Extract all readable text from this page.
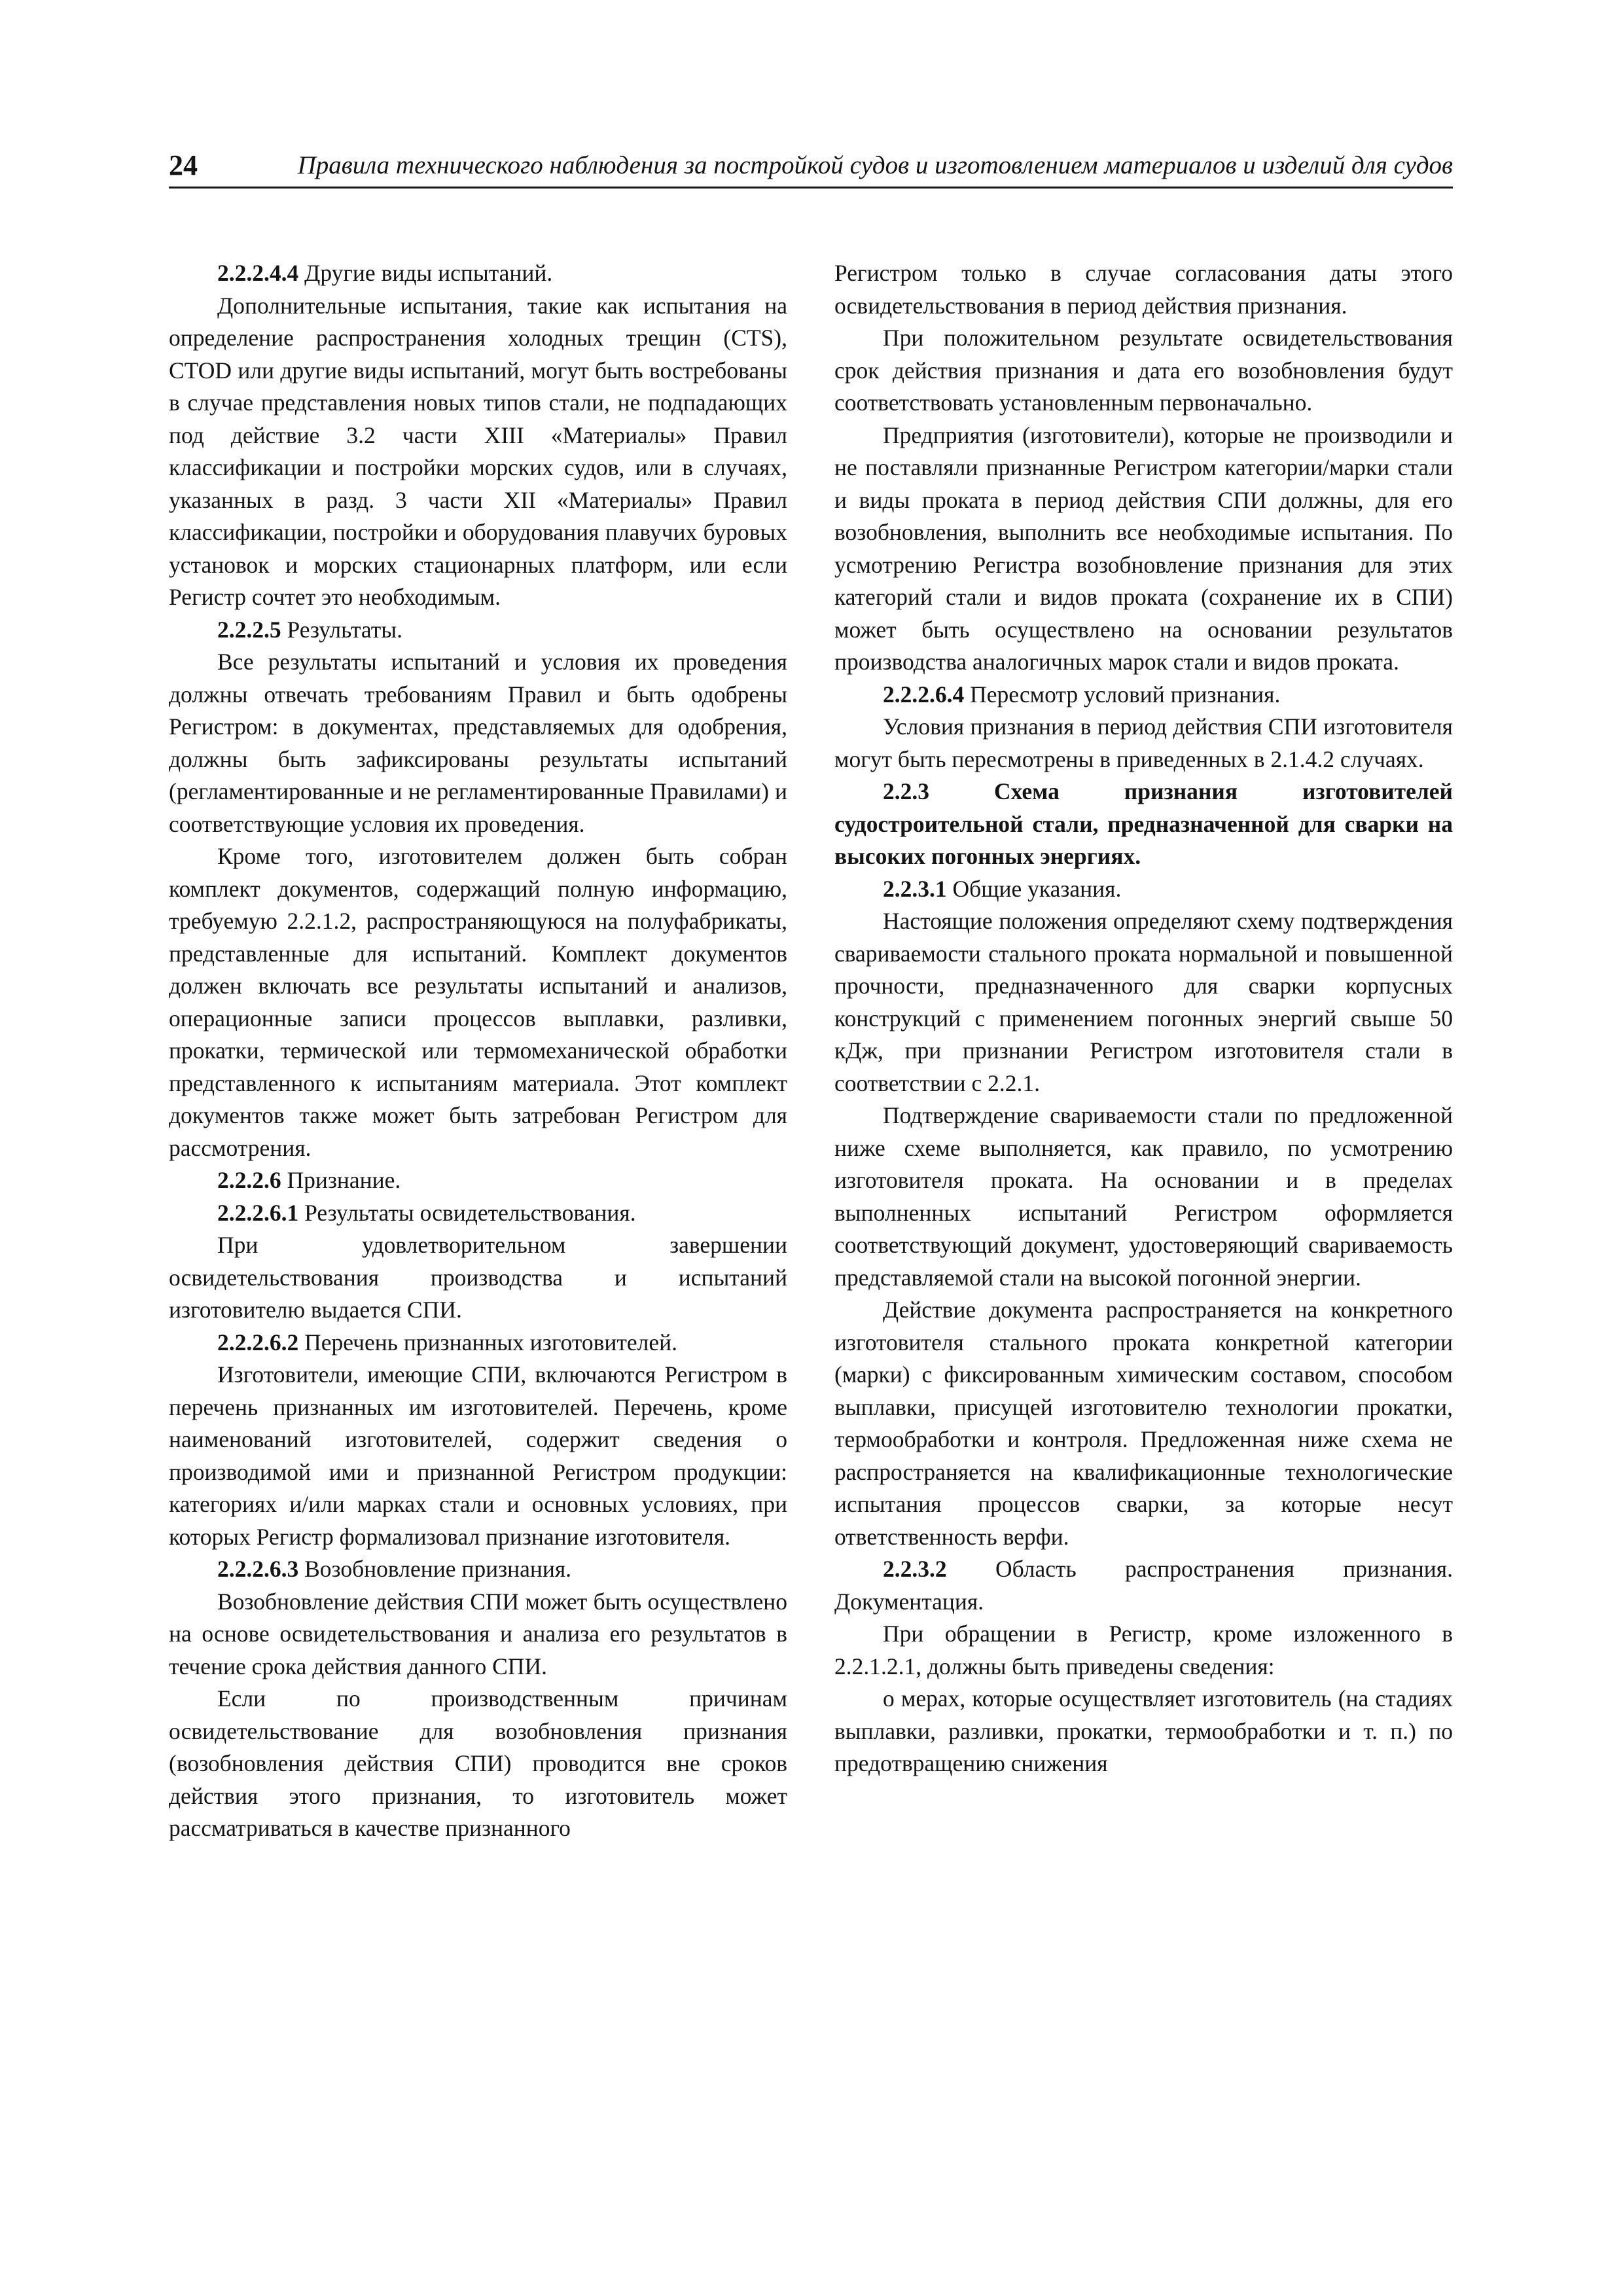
24	Правила технического наблюдения за постройкой судов и изготовлением материалов и изделий для судов

2.2.2.4.4 Другие виды испытаний.

Дополнительные испытания, такие как испытания на определение распространения холодных трещин (CTS), CTOD или другие виды испытаний, могут быть востребованы в случае представления новых типов стали, не подпадающих под действие 3.2 части XIII «Материалы» Правил классификации и постройки морских судов, или в случаях, указанных в разд. 3 части XII «Материалы» Правил классификации, постройки и оборудования плавучих буровых установок и морских стационарных платформ, или если Регистр сочтет это необходимым.

2.2.2.5 Результаты.

Все результаты испытаний и условия их проведения должны отвечать требованиям Правил и быть одобрены Регистром: в документах, представляемых для одобрения, должны быть зафиксированы результаты испытаний (регламентированные и не регламентированные Правилами) и соответствующие условия их проведения.

Кроме того, изготовителем должен быть собран комплект документов, содержащий полную информацию, требуемую 2.2.1.2, распространяющуюся на полуфабрикаты, представленные для испытаний. Комплект документов должен включать все результаты испытаний и анализов, операционные записи процессов выплавки, разливки, прокатки, термической или термомеханической обработки представленного к испытаниям материала. Этот комплект документов также может быть затребован Регистром для рассмотрения.

2.2.2.6 Признание.

2.2.2.6.1 Результаты освидетельствования.

При удовлетворительном завершении освидетельствования производства и испытаний изготовителю выдается СПИ.

2.2.2.6.2 Перечень признанных изготовителей.

Изготовители, имеющие СПИ, включаются Регистром в перечень признанных им изготовителей. Перечень, кроме наименований изготовителей, содержит сведения о производимой ими и признанной Регистром продукции: категориях и/или марках стали и основных условиях, при которых Регистр формализовал признание изготовителя.

2.2.2.6.3 Возобновление признания.

Возобновление действия СПИ может быть осуществлено на основе освидетельствования и анализа его результатов в течение срока действия данного СПИ.

Если по производственным причинам освидетельствование для возобновления признания (возобновления действия СПИ) проводится вне сроков действия этого признания, то изготовитель может рассматриваться в качестве признанного

Регистром только в случае согласования даты этого освидетельствования в период действия признания.

При положительном результате освидетельствования срок действия признания и дата его возобновления будут соответствовать установленным первоначально.

Предприятия (изготовители), которые не производили и не поставляли признанные Регистром категории/марки стали и виды проката в период действия СПИ должны, для его возобновления, выполнить все необходимые испытания. По усмотрению Регистра возобновление признания для этих категорий стали и видов проката (сохранение их в СПИ) может быть осуществлено на основании результатов производства аналогичных марок стали и видов проката.

2.2.2.6.4 Пересмотр условий признания.

Условия признания в период действия СПИ изготовителя могут быть пересмотрены в приведенных в 2.1.4.2 случаях.

2.2.3 Схема признания изготовителей судостроительной стали, предназначенной для сварки на высоких погонных энергиях.

2.2.3.1 Общие указания.

Настоящие положения определяют схему подтверждения свариваемости стального проката нормальной и повышенной прочности, предназначенного для сварки корпусных конструкций с применением погонных энергий свыше 50 кДж, при признании Регистром изготовителя стали в соответствии с 2.2.1.

Подтверждение свариваемости стали по предложенной ниже схеме выполняется, как правило, по усмотрению изготовителя проката. На основании и в пределах выполненных испытаний Регистром оформляется соответствующий документ, удостоверяющий свариваемость представляемой стали на высокой погонной энергии.

Действие документа распространяется на конкретного изготовителя стального проката конкретной категории (марки) с фиксированным химическим составом, способом выплавки, присущей изготовителю технологии прокатки, термообработки и контроля. Предложенная ниже схема не распространяется на квалификационные технологические испытания процессов сварки, за которые несут ответственность верфи.

2.2.3.2 Область распространения признания. Документация.

При обращении в Регистр, кроме изложенного в 2.2.1.2.1, должны быть приведены сведения:

о мерах, которые осуществляет изготовитель (на стадиях выплавки, разливки, прокатки, термообработки и т. п.) по предотвращению снижения
